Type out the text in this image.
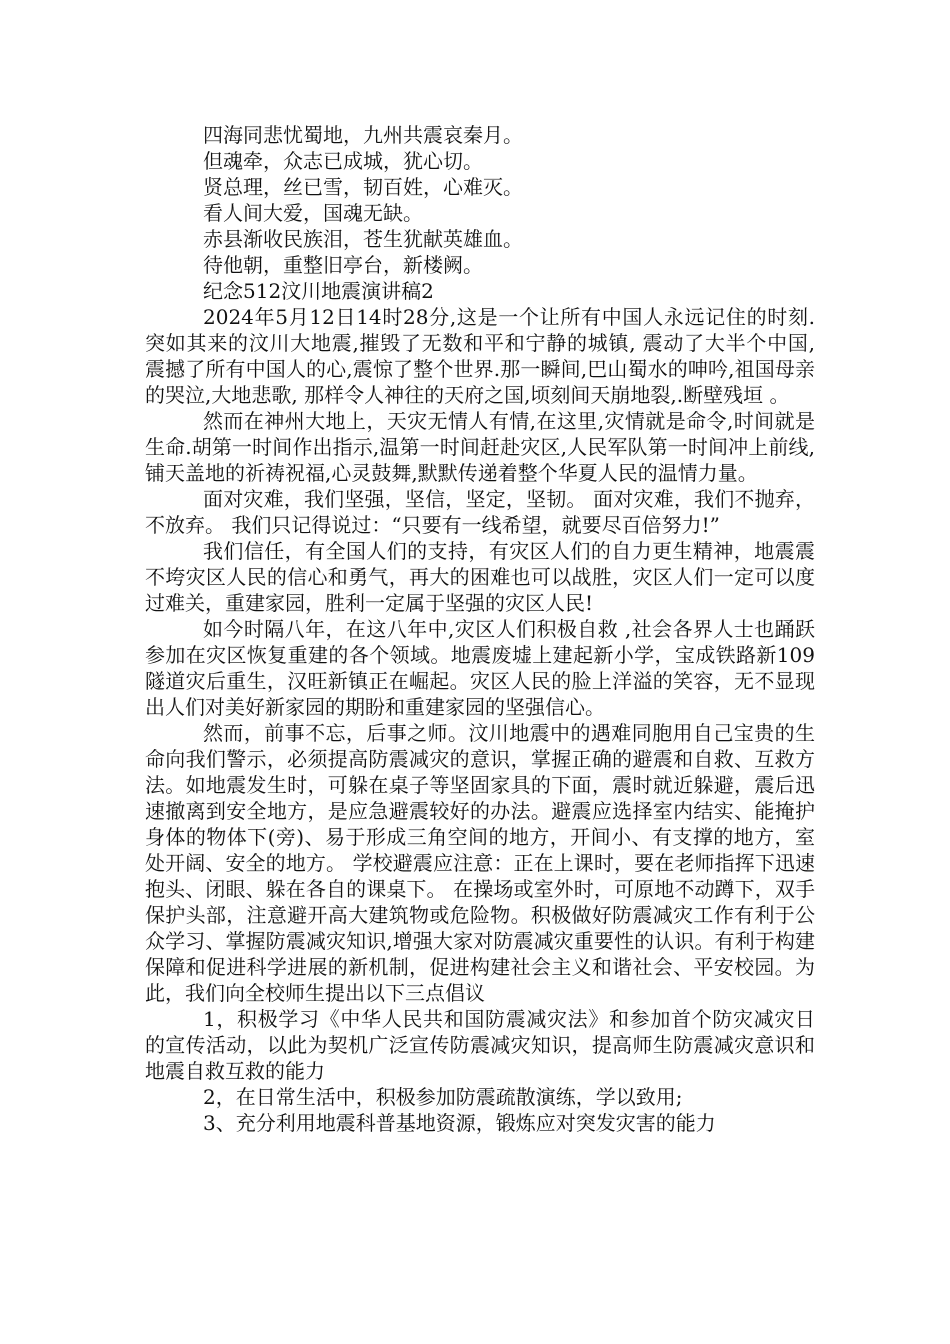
四海同悲忧蜀地，九州共震哀秦月。

但魂牵，众志已成城，犹心切。

贤总理，丝已雪，韧百姓，心难灭。

看人间大爱，国魂无缺。

赤县渐收民族泪，苍生犹献英雄血。

待他朝，重整旧亭台，新楼阙。

纪念512汶川地震演讲稿2

2024年5月12日14时28分,这是一个让所有中国人永远记住的时刻. 突如其来的汶川大地震,摧毁了无数和平和宁静的城镇, 震动了大半个中国, 震撼了所有中国人的心,震惊了整个世界.那一瞬间,巴山蜀水的呻吟,祖国母亲的哭泣,大地悲歌, 那样令人神往的天府之国,顷刻间天崩地裂,.断壁残垣 。

然而在神州大地上，天灾无情人有情,在这里,灾情就是命令,时间就是生命.胡第一时间作出指示,温第一时间赶赴灾区,人民军队第一时间冲上前线, 铺天盖地的祈祷祝福,心灵鼓舞,默默传递着整个华夏人民的温情力量。

面对灾难，我们坚强，坚信，坚定，坚韧。 面对灾难，我们不抛弃，不放弃。 我们只记得说过：“只要有一线希望，就要尽百倍努力!”

我们信任，有全国人们的支持，有灾区人们的自力更生精神，地震震不垮灾区人民的信心和勇气，再大的困难也可以战胜，灾区人们一定可以度过难关，重建家园，胜利一定属于坚强的灾区人民!

如今时隔八年，在这八年中,灾区人们积极自救 ,社会各界人士也踊跃参加在灾区恢复重建的各个领域。地震废墟上建起新小学，宝成铁路新109隧道灾后重生，汉旺新镇正在崛起。灾区人民的脸上洋溢的笑容，无不显现出人们对美好新家园的期盼和重建家园的坚强信心。

然而，前事不忘，后事之师。汶川地震中的遇难同胞用自己宝贵的生命向我们警示，必须提高防震减灾的意识，掌握正确的避震和自救、互救方法。如地震发生时，可躲在桌子等坚固家具的下面，震时就近躲避，震后迅速撤离到安全地方，是应急避震较好的办法。避震应选择室内结实、能掩护身体的物体下(旁)、易于形成三角空间的地方，开间小、有支撑的地方，室处开阔、安全的地方。 学校避震应注意：正在上课时，要在老师指挥下迅速抱头、闭眼、躲在各自的课桌下。 在操场或室外时，可原地不动蹲下，双手保护头部，注意避开高大建筑物或危险物。积极做好防震减灾工作有利于公众学习、掌握防震减灾知识,增强大家对防震减灾重要性的认识。有利于构建保障和促进科学进展的新机制，促进构建社会主义和谐社会、平安校园。为此，我们向全校师生提出以下三点倡议

1，积极学习《中华人民共和国防震减灾法》和参加首个防灾减灾日的宣传活动，以此为契机广泛宣传防震减灾知识，提高师生防震减灾意识和地震自救互救的能力

2，在日常生活中，积极参加防震疏散演练，学以致用;

3、充分利用地震科普基地资源，锻炼应对突发灾害的能力
